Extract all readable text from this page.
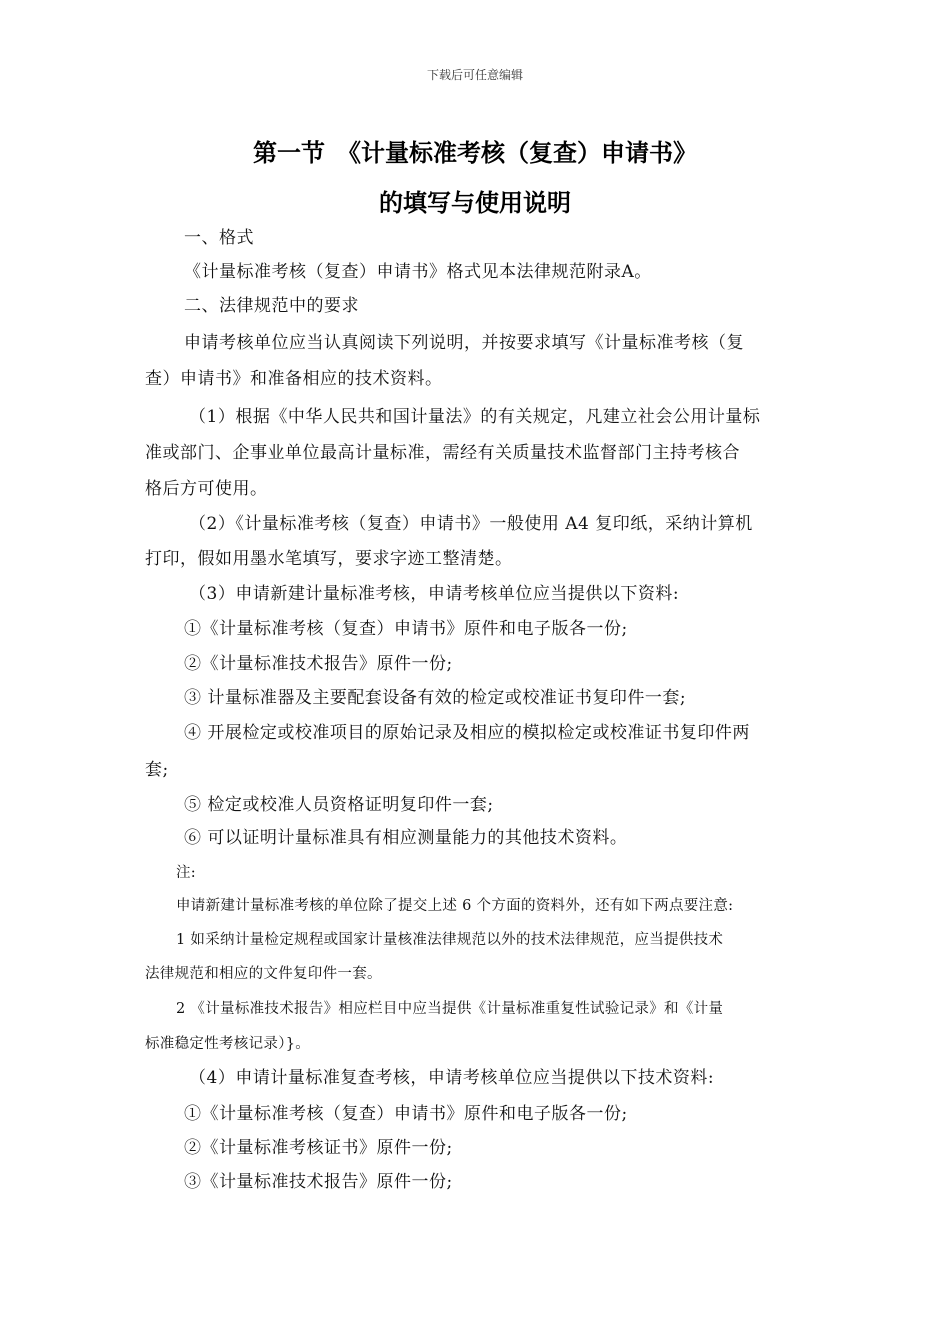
下载后可任意编辑
第一节　《计量标准考核（复查）申请书》
的填写与使用说明
一、格式
《计量标准考核（复查）申请书》格式见本法律规范附录A。
二、法律规范中的要求
申请考核单位应当认真阅读下列说明，并按要求填写《计量标准考核（复
查）申请书》和准备相应的技术资料。
（1）根据《中华人民共和国计量法》的有关规定，凡建立社会公用计量标
准或部门、企事业单位最高计量标准，需经有关质量技术监督部门主持考核合
格后方可使用。
（2）《计量标准考核（复查）申请书》一般使用 A4 复印纸，采纳计算机
打印，假如用墨水笔填写，要求字迹工整清楚。
（3）申请新建计量标准考核，申请考核单位应当提供以下资料:
①《计量标准考核（复查）申请书》原件和电子版各一份;
②《计量标准技术报告》原件一份;
③ 计量标准器及主要配套设备有效的检定或校准证书复印件一套;
④ 开展检定或校准项目的原始记录及相应的模拟检定或校准证书复印件两
套;
⑤ 检定或校准人员资格证明复印件一套;
⑥ 可以证明计量标准具有相应测量能力的其他技术资料。
注:
申请新建计量标准考核的单位除了提交上述 6 个方面的资料外，还有如下两点要注意:
1 如采纳计量检定规程或国家计量核准法律规范以外的技术法律规范，应当提供技术
法律规范和相应的文件复印件一套。
2 《计量标准技术报告》相应栏目中应当提供《计量标准重复性试验记录》和《计量
标准稳定性考核记录）}。
（4）申请计量标准复查考核，申请考核单位应当提供以下技术资料:
①《计量标准考核（复查）申请书》原件和电子版各一份;
②《计量标准考核证书》原件一份;
③《计量标准技术报告》原件一份;
